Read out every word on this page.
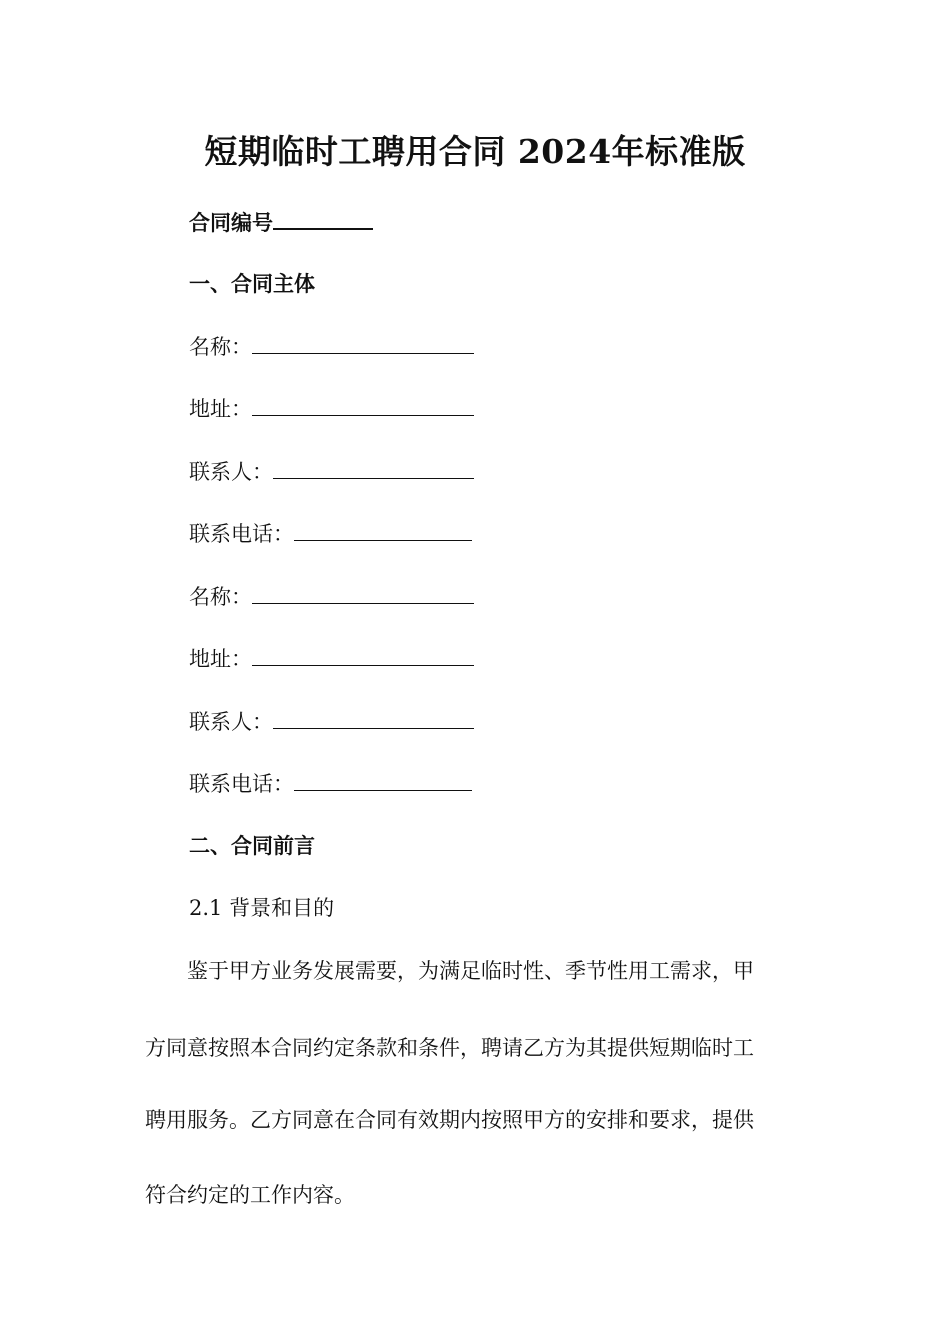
短期临时工聘用合同 2024年标准版
合同编号
一、合同主体
名称：
地址：
联系人：
联系电话：
名称：
地址：
联系人：
联系电话：
二、合同前言
2.1 背景和目的
　　鉴于甲方业务发展需要，为满足临时性、季节性用工需求，甲
方同意按照本合同约定条款和条件，聘请乙方为其提供短期临时工
聘用服务。乙方同意在合同有效期内按照甲方的安排和要求，提供
符合约定的工作内容。
